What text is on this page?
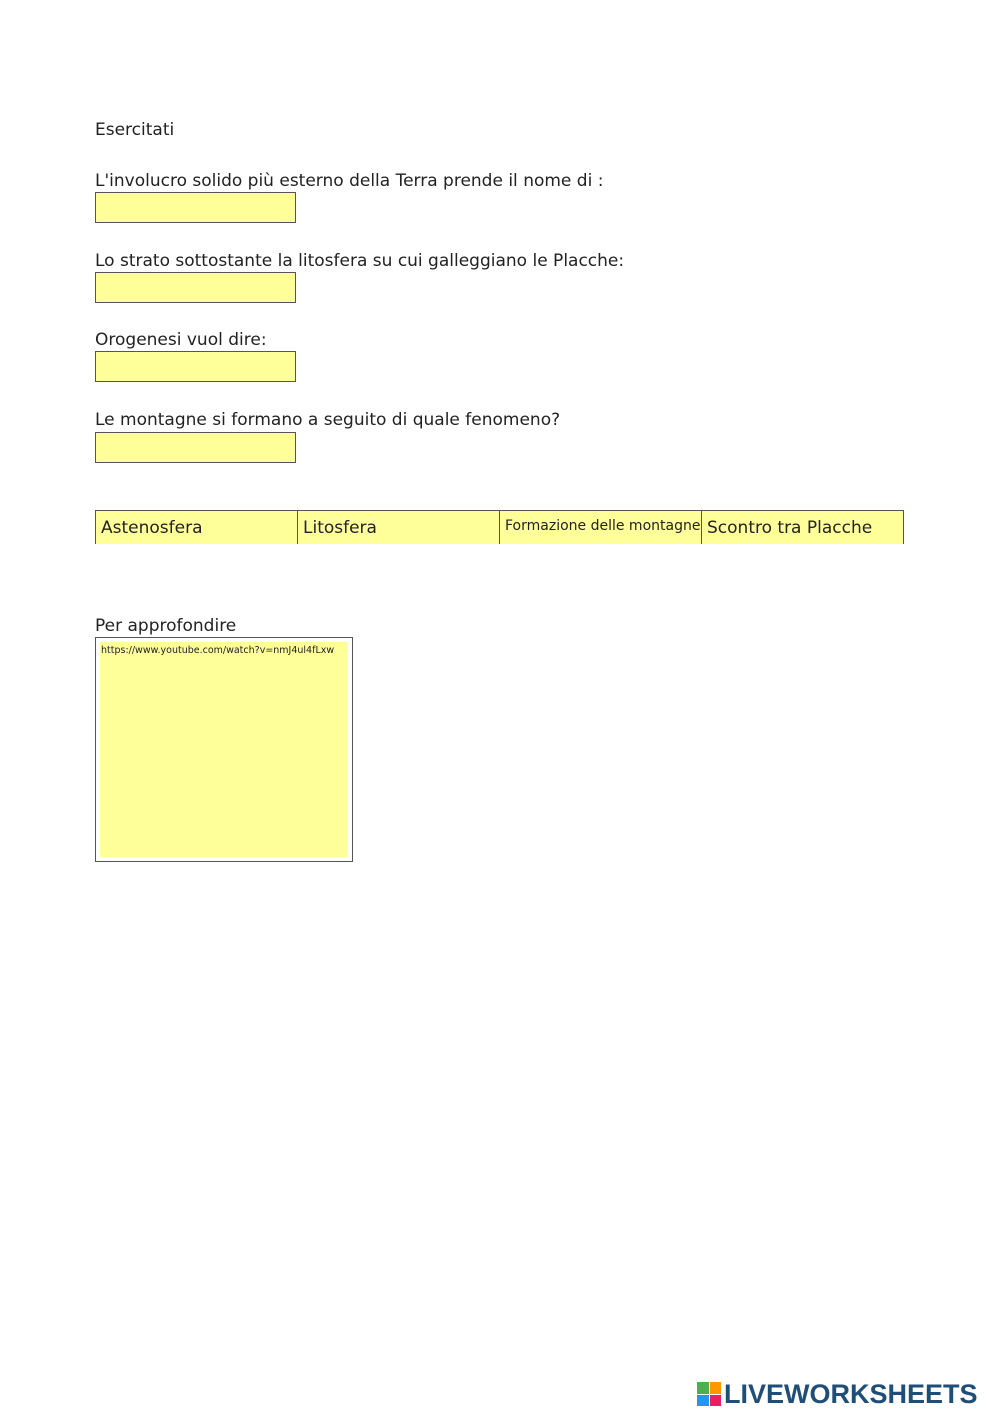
Esercitati
L'involucro solido più esterno della Terra prende il nome di :
Lo strato sottostante la litosfera su cui galleggiano le Placche:
Orogenesi vuol dire:
Le montagne si formano a seguito di quale fenomeno?
Astenosfera	Litosfera	Formazione delle montagne Scontro tra Placche
Per approfondire
https://www.youtube.com/watch?v=nmJ4ul4fLxw
LIVEWORKSHEETS
